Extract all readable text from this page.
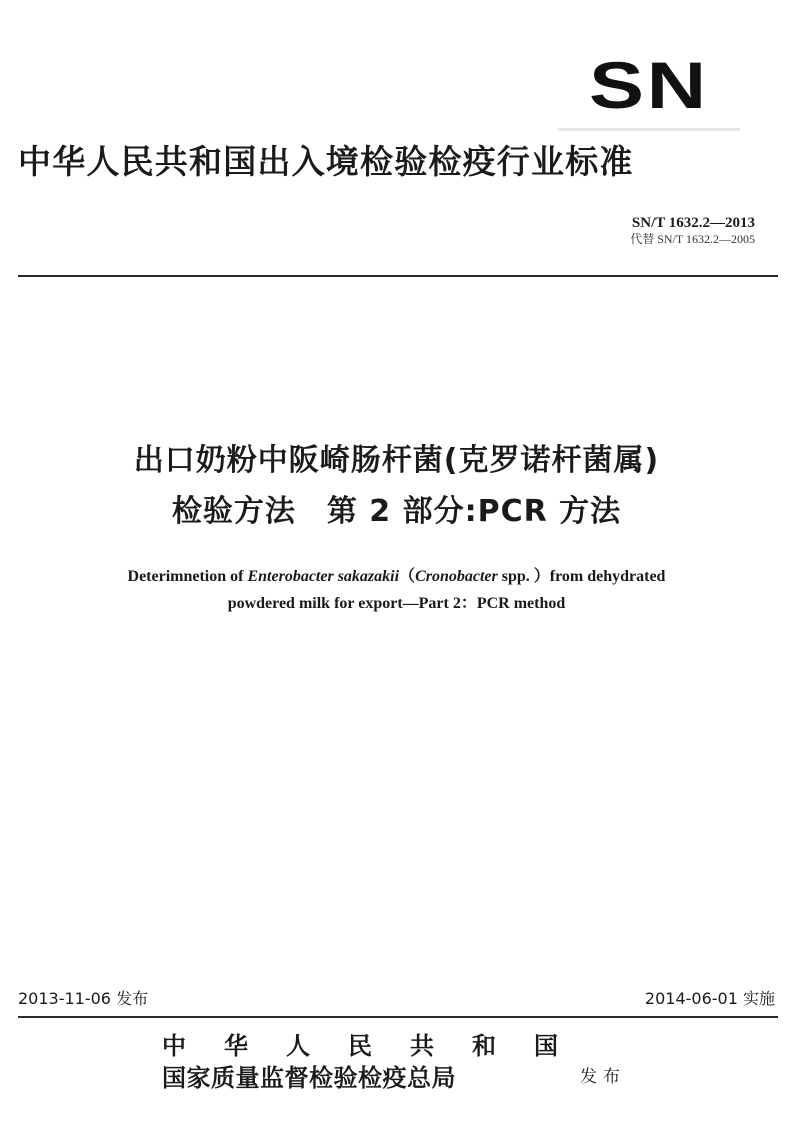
SN
中华人民共和国出入境检验检疫行业标准
SN/T 1632.2—2013
代替 SN/T 1632.2—2005
出口奶粉中阪崎肠杆菌(克罗诺杆菌属)
检验方法　第 2 部分:PCR 方法
Deterimnetion of Enterobacter sakazakii（Cronobacter spp. ）from dehydrated
powdered milk for export—Part 2：PCR method
2013-11-06 发布	2014-06-01 实施
中华人民共和国
国家质量监督检验检疫总局	发布
